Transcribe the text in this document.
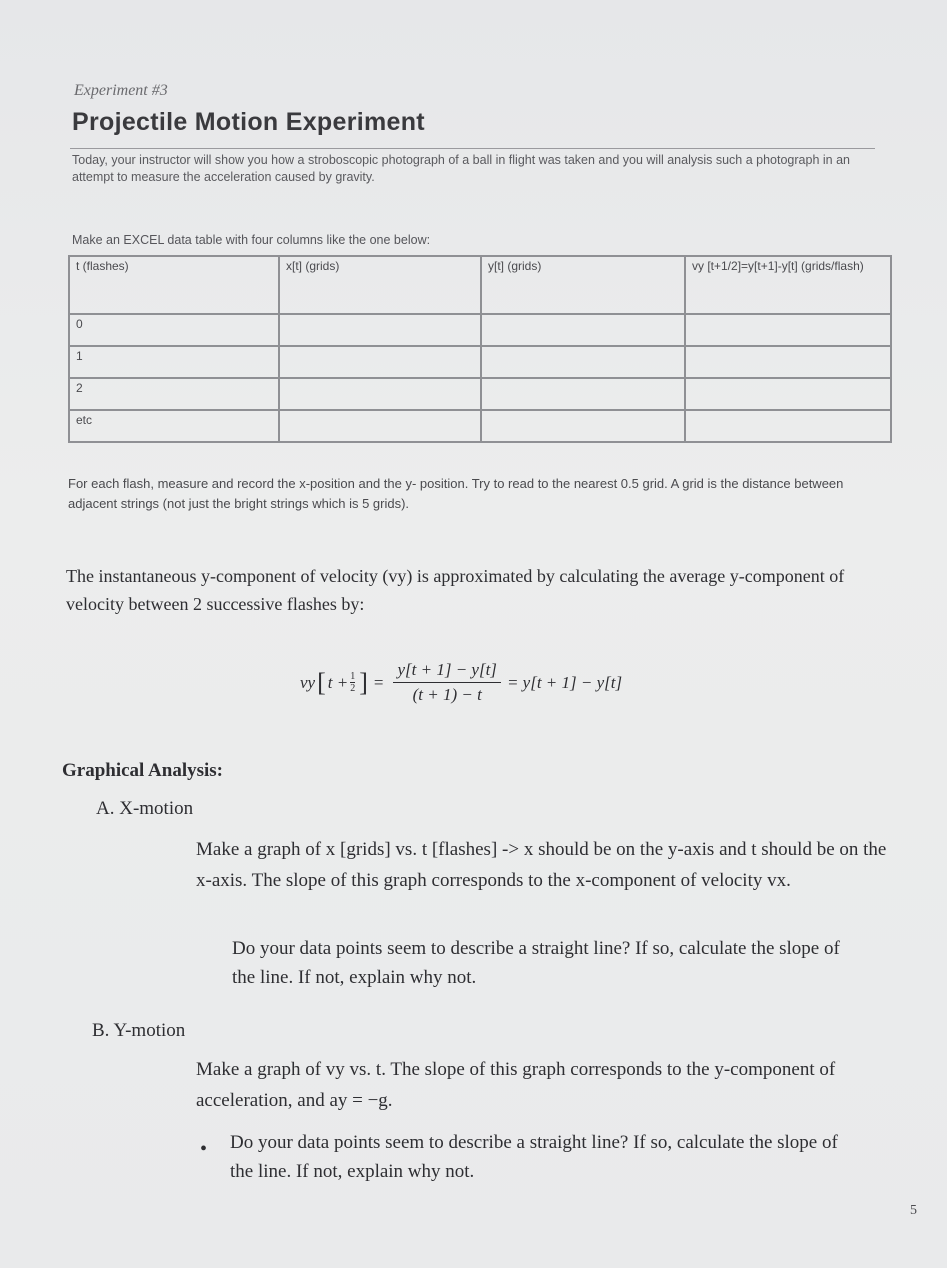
Experiment #3
Projectile Motion Experiment
Today, your instructor will show you how a stroboscopic photograph of a ball in flight was taken and you will analysis such a photograph in an attempt to measure the acceleration caused by gravity.
Make an EXCEL data table with four columns like the one below:
t (flashes)	x[t] (grids)	y[t] (grids)	vy [t+1/2]=y[t+1]-y[t] (grids/flash)
0			
1			
2			
etc			
For each flash, measure and record the x-position and the y- position. Try to read to the nearest 0.5 grid. A grid is the distance between adjacent strings (not just the bright strings which is 5 grids).
The instantaneous y-component of velocity (vy) is approximated by calculating the average y-component of velocity between 2 successive flashes by:
vy [ $t + \frac{1}{2}$ ] = $\frac{y[t + 1] - y[t]}{(t + 1) - t} = y[t + 1] - y[t]$
Graphical Analysis:
A. X-motion
Make a graph of x [grids] vs. t [flashes] -> x should be on the y-axis and t should be on the x-axis. The slope of this graph corresponds to the x-component of velocity vx.
Do your data points seem to describe a straight line? If so, calculate the slope of the line. If not, explain why not.
B. Y-motion
Make a graph of vy vs. t. The slope of this graph corresponds to the y-component of acceleration, and ay = −g.
• Do your data points seem to describe a straight line? If so, calculate the slope of the line. If not, explain why not.
5
